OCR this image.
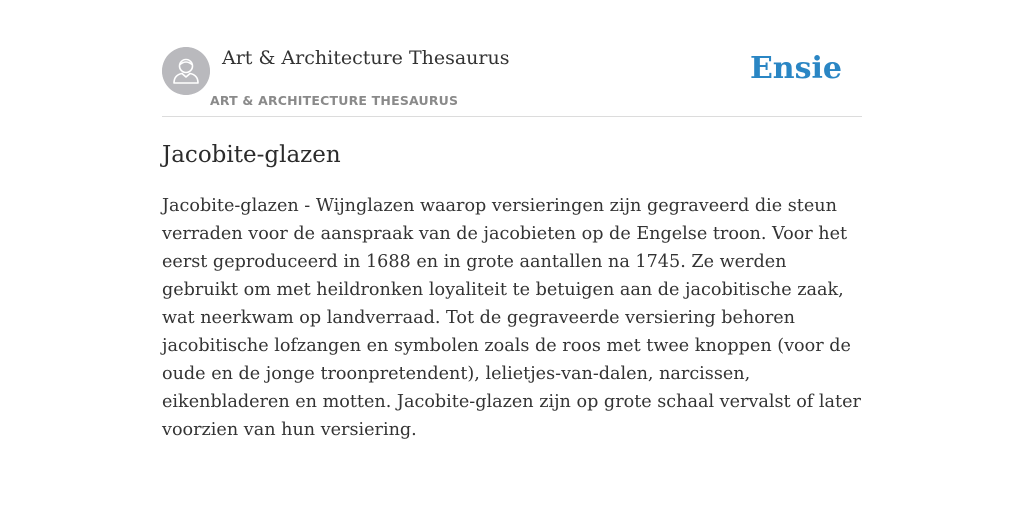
Art & Architecture Thesaurus
ART & ARCHITECTURE THESAURUS
Ensie
Jacobite-glazen

Jacobite-glazen - Wijnglazen waarop versieringen zijn gegraveerd die steun verraden voor de aanspraak van de jacobieten op de Engelse troon. Voor het eerst geproduceerd in 1688 en in grote aantallen na 1745. Ze werden gebruikt om met heildronken loyaliteit te betuigen aan de jacobitische zaak, wat neerkwam op landverraad. Tot de gegraveerde versiering behoren jacobitische lofzangen en symbolen zoals de roos met twee knoppen (voor de oude en de jonge troonpretendent), lelietjes-van-dalen, narcissen, eikenbladeren en motten. Jacobite-glazen zijn op grote schaal vervalst of later voorzien van hun versiering.
